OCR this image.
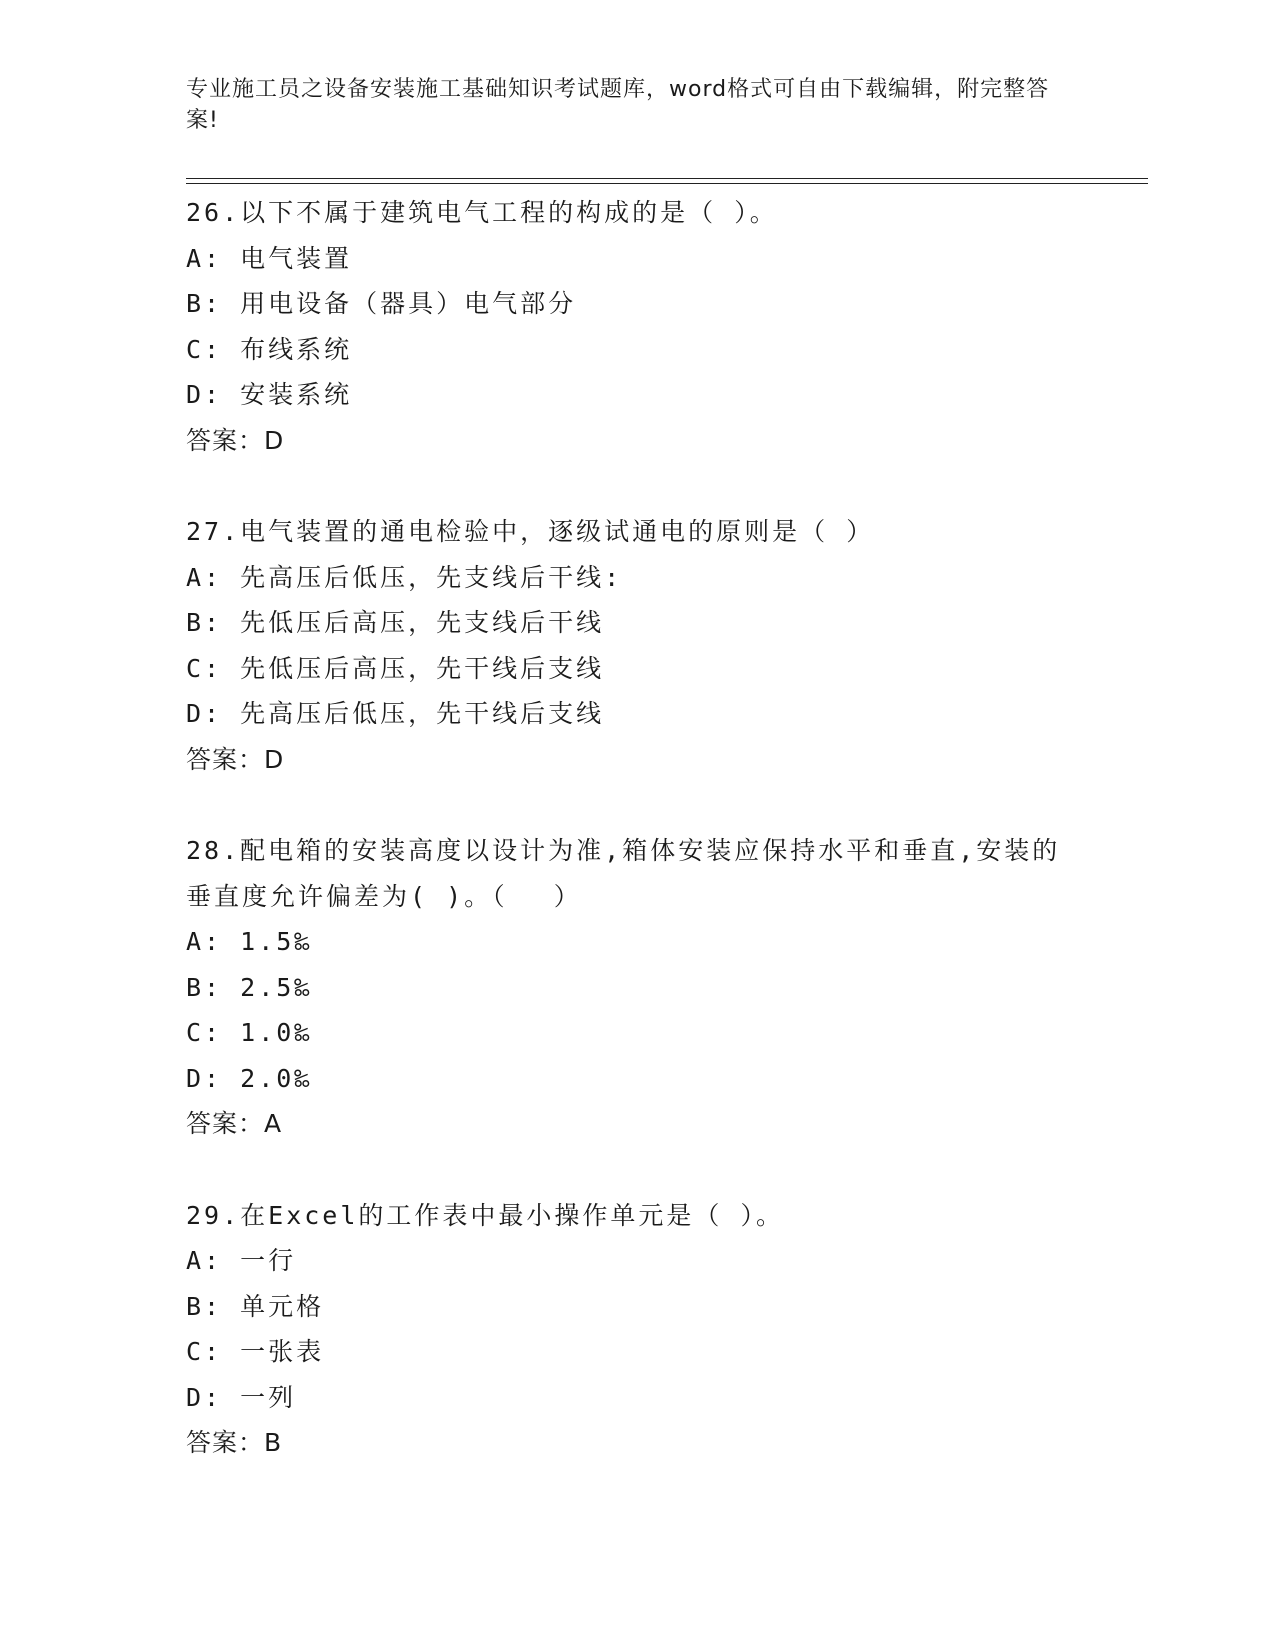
专业施工员之设备安装施工基础知识考试题库，word格式可自由下载编辑，附完整答案!
26.以下不属于建筑电气工程的构成的是（ ）。
A: 电气装置
B: 用电设备（器具）电气部分
C: 布线系统
D: 安装系统
答案：D
27.电气装置的通电检验中，逐级试通电的原则是（ ）
A: 先高压后低压，先支线后干线:
B: 先低压后高压，先支线后干线
C: 先低压后高压，先干线后支线
D: 先高压后低压，先干线后支线
答案：D
28.配电箱的安装高度以设计为准,箱体安装应保持水平和垂直,安装的
垂直度允许偏差为( )。（　 ）
A: 1.5‰
B: 2.5‰
C: 1.0‰
D: 2.0‰
答案：A
29.在Excel的工作表中最小操作单元是（ ）。
A: 一行
B: 单元格
C: 一张表
D: 一列
答案：B
